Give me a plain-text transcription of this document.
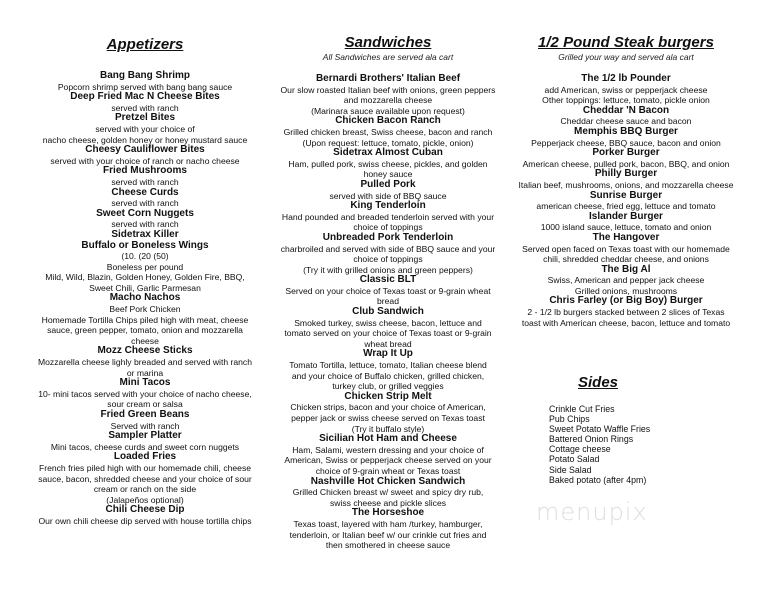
Appetizers
Bang Bang Shrimp
Popcorn shrimp served with bang bang sauce
Deep Fried Mac N Cheese Bites
served with ranch
Pretzel Bites
served with your choice of
nacho cheese, golden honey or honey mustard sauce
Cheesy Cauliflower Bites
served with your choice of ranch or nacho cheese
Fried Mushrooms
served with ranch
Cheese Curds
served with ranch
Sweet Corn Nuggets
served with ranch
Sidetrax Killer
Buffalo or Boneless Wings
(10. (20 (50)
Boneless per pound
Mild, Wild, Blazin, Golden Honey, Golden Fire, BBQ,
Sweet Chili, Garlic Parmesan
Macho Nachos
Beef Pork Chicken
Homemade Tortilla Chips piled high with meat, cheese
sauce, green pepper, tomato, onion and mozzarella
cheese
Mozz Cheese Sticks
Mozzarella cheese lighly breaded and served with ranch
or marina
Mini Tacos
10- mini tacos served with your choice of nacho cheese,
sour cream or salsa
Fried Green Beans
Served with ranch
Sampler Platter
Mini tacos, cheese curds and sweet corn nuggets
Loaded Fries
French fries piled high with our homemade chili, cheese
sauce, bacon, shredded cheese and your choice of sour
cream or ranch on the side
(Jalapeños optional)
Chili Cheese Dip
Our own chili cheese dip served with house tortilla chips
Sandwiches
All Sandwiches are served ala cart
Bernardi Brothers' Italian Beef
Our slow roasted Italian beef with onions, green peppers
and mozzarella cheese
(Marinara sauce available upon request)
Chicken Bacon Ranch
Grilled chicken breast, Swiss cheese, bacon and ranch
(Upon request: lettuce, tomato, pickle, onion)
Sidetrax Almost Cuban
Ham, pulled pork, swiss cheese, pickles, and golden
honey sauce
Pulled Pork
served with side of BBQ sauce
King Tenderloin
Hand pounded and breaded tenderloin served with your
choice of toppings
Unbreaded Pork Tenderloin
charbroiled and served with side of BBQ sauce and your
choice of toppings
(Try it with grilled onions and green peppers)
Classic BLT
Served on your choice of Texas toast or 9-grain wheat
bread
Club Sandwich
Smoked turkey, swiss cheese, bacon, lettuce and
tomato served on your choice of Texas toast or 9-grain
wheat bread
Wrap It Up
Tomato Tortilla, lettuce, tomato, Italian cheese blend
and your choice of Buffalo chicken, grilled chicken,
turkey club, or grilled veggies
Chicken Strip Melt
Chicken strips, bacon and your choice of American,
pepper jack or swiss cheese served on Texas toast
(Try it buffalo style)
Sicilian Hot Ham and Cheese
Ham, Salami, western dressing and your choice of
American, Swiss or pepperjack cheese served on your
choice of 9-grain wheat or Texas toast
Nashville Hot Chicken Sandwich
Grilled Chicken breast w/ sweet and spicy dry rub,
swiss cheese and pickle slices
The Horseshoe
Texas toast, layered with ham /turkey, hamburger,
tenderloin, or Italian beef w/ our crinkle cut fries and
then smothered in cheese sauce
1/2 Pound Steak burgers
Grilled your way and served ala cart
The 1/2 lb Pounder
add American, swiss or pepperjack cheese
Other toppings: lettuce, tomato, pickle onion
Cheddar 'N Bacon
Cheddar cheese sauce and bacon
Memphis BBQ Burger
Pepperjack cheese, BBQ sauce, bacon and onion
Porker Burger
American cheese, pulled pork, bacon, BBQ, and onion
Philly Burger
Italian beef, mushrooms, onions, and mozzarella cheese
Sunrise Burger
american cheese, fried egg, lettuce and tomato
Islander Burger
1000 island sauce, lettuce, tomato and onion
The Hangover
Served open faced on Texas toast with our homemade
chili, shredded cheddar cheese, and onions
The Big Al
Swiss, American and pepper jack cheese
Grilled onions, mushrooms
Chris Farley (or Big Boy) Burger
2 - 1/2 lb burgers stacked between 2 slices of Texas
toast with American cheese, bacon, lettuce and tomato
Sides
Crinkle Cut Fries
Pub Chips
Sweet Potato Waffle Fries
Battered Onion Rings
Cottage cheese
Potato Salad
Side Salad
Baked potato (after 4pm)
menupix
